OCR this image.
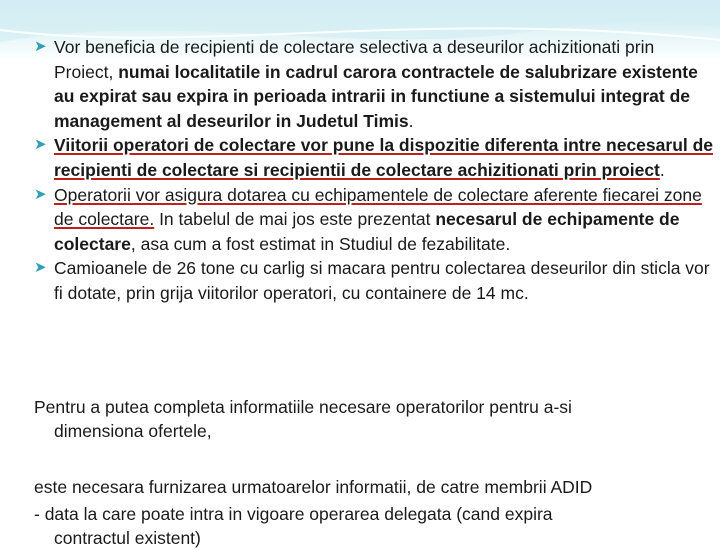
➤ Vor beneficia de recipienti de colectare selectiva a deseurilor achizitionati prin Proiect, numai localitatile in cadrul carora contractele de salubrizare existente au expirat sau expira in perioada intrarii in functiune a sistemului integrat de management al deseurilor in Judetul Timis.
➤ Viitorii operatori de colectare vor pune la dispozitie diferenta intre necesarul de recipienti de colectare si recipientii de colectare achizitionati prin proiect.
➤ Operatorii vor asigura dotarea cu echipamentele de colectare aferente fiecarei zone de colectare. In tabelul de mai jos este prezentat necesarul de echipamente de colectare, asa cum a fost estimat in Studiul de fezabilitate.
➤ Camioanele de 26 tone cu carlig si macara pentru colectarea deseurilor din sticla vor fi dotate, prin grija viitorilor operatori, cu containere de 14 mc.
Pentru a putea completa informatiile necesare operatorilor pentru a-si
dimensiona ofertele,
este necesara furnizarea urmatoarelor informatii, de catre membrii ADID
- data la care poate intra in vigoare operarea delegata (cand expira
contractul existent)
